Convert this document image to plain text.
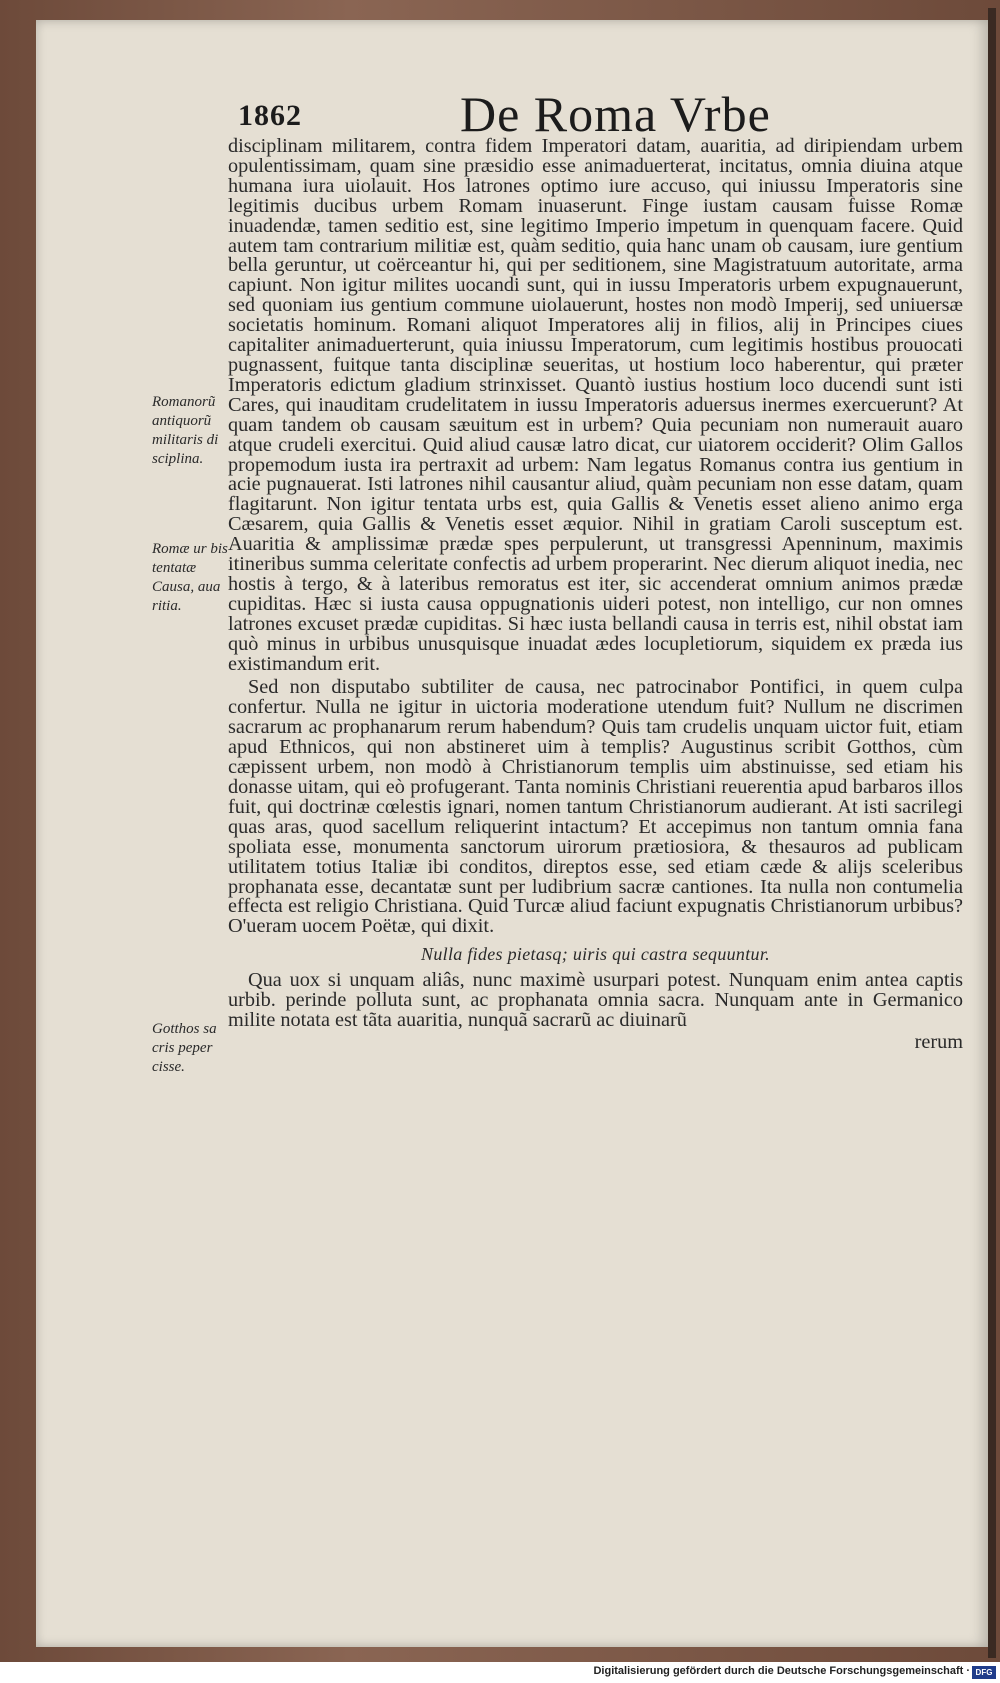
1862	De Roma Vrbe
Romanorũ antiquorũ militaris di sciplina.
Romæ ur bis tentatæ Causa, aua ritia.
Gotthos sa cris peper cisse.

disciplinam militarem, contra fidem Imperatori datam, auaritia, ad diripiendam urbem opulentissimam, quam sine præsidio esse animaduerterat, incitatus, omnia diuina atque humana iura uiolauit. Hos latrones optimo iure accuso, qui iniussu Imperatoris sine legitimis ducibus urbem Romam inuaserunt. Finge iustam causam fuisse Romæ inuadendæ, tamen seditio est, sine legitimo Imperio impetum in quenquam facere. Quid autem tam contrarium militiæ est, quàm seditio, quia hanc unam ob causam, iure gentium bella geruntur, ut coërceantur hi, qui per seditionem, sine Magistratuum autoritate, arma capiunt. Non igitur milites uocandi sunt, qui in iussu Imperatoris urbem expugnauerunt, sed quoniam ius gentium commune uiolauerunt, hostes non modò Imperij, sed uniuersæ societatis hominum. Romani aliquot Imperatores alij in filios, alij in Principes ciues capitaliter animaduerterunt, quia iniussu Imperatorum, cum legitimis hostibus prouocati pugnassent, fuitque tanta disciplinæ seueritas, ut hostium loco haberentur, qui præter Imperatoris edictum gladium strinxisset. Quantò iustius hostium loco ducendi sunt isti Cares, qui inauditam crudelitatem in iussu Imperatoris aduersus inermes exercuerunt? At quam tandem ob causam sæuitum est in urbem? Quia pecuniam non numerauit auaro atque crudeli exercitui. Quid aliud causæ latro dicat, cur uiatorem occiderit? Olim Gallos propemodum iusta ira pertraxit ad urbem: Nam legatus Romanus contra ius gentium in acie pugnauerat. Isti latrones nihil causantur aliud, quàm pecuniam non esse datam, quam flagitarunt. Non igitur tentata urbs est, quia Gallis & Venetis esset alieno animo erga Cæsarem, quia Gallis & Venetis esset æquior. Nihil in gratiam Caroli susceptum est. Auaritia & amplissimæ prædæ spes perpulerunt, ut transgressi Apenninum, maximis itineribus summa celeritate confectis ad urbem properarint. Nec dierum aliquot inedia, nec hostis à tergo, & à lateribus remoratus est iter, sic accenderat omnium animos prædæ cupiditas. Hæc si iusta causa oppugnationis uideri potest, non intelligo, cur non omnes latrones excuset prædæ cupiditas. Si hæc iusta bellandi causa in terris est, nihil obstat iam quò minus in urbibus unusquisque inuadat ædes locupletiorum, siquidem ex præda ius existimandum erit.

Sed non disputabo subtiliter de causa, nec patrocinabor Pontifici, in quem culpa confertur. Nulla ne igitur in uictoria moderatione utendum fuit? Nullum ne discrimen sacrarum ac prophanarum rerum habendum? Quis tam crudelis unquam uictor fuit, etiam apud Ethnicos, qui non abstineret uim à templis? Augustinus scribit Gotthos, cùm cæpissent urbem, non modò à Christianorum templis uim abstinuisse, sed etiam his donasse uitam, qui eò profugerant. Tanta nominis Christiani reuerentia apud barbaros illos fuit, qui doctrinæ cœlestis ignari, nomen tantum Christianorum audierant. At isti sacrilegi quas aras, quod sacellum reliquerint intactum? Et accepimus non tantum omnia fana spoliata esse, monumenta sanctorum uirorum prætiosiora, & thesauros ad publicam utilitatem totius Italiæ ibi conditos, direptos esse, sed etiam cæde & alijs sceleribus prophanata esse, decantatæ sunt per ludibrium sacræ cantiones. Ita nulla non contumelia effecta est religio Christiana. Quid Turcæ aliud faciunt expugnatis Christianorum urbibus? O'ueram uocem Poëtæ, qui dixit.

Nulla fides pietasq; uiris qui castra sequuntur.

Qua uox si unquam aliâs, nunc maximè usurpari potest. Nunquam enim antea captis urbib. perinde polluta sunt, ac prophanata omnia sacra. Nunquam ante in Germanico milite notata est tãta auaritia, nunquã sacrarũ ac diuinarũ

rerum

Digitalisierung gefördert durch die Deutsche Forschungsgemeinschaft · DFG
